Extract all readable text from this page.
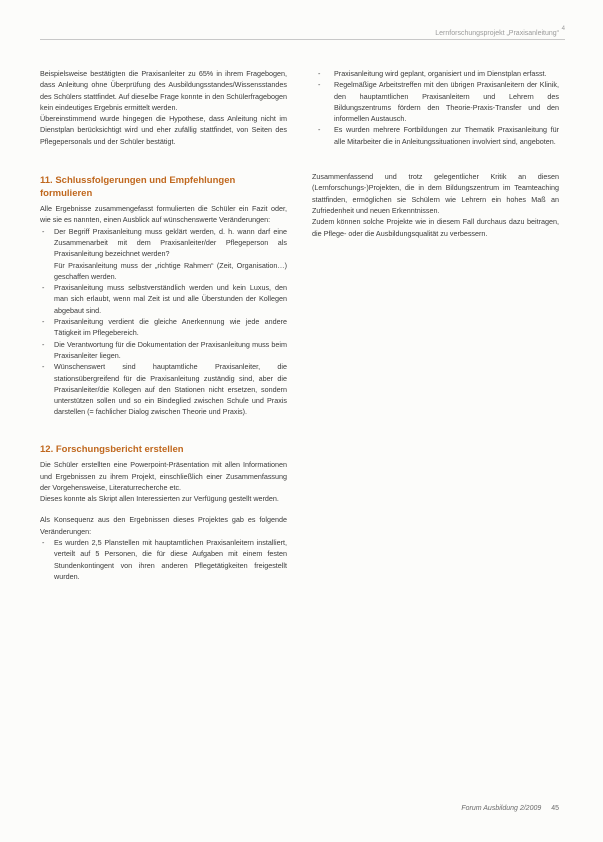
Lernforschungsprojekt „Praxisanleitung“
4

Beispielsweise bestätigten die Praxisanleiter zu 65% in ihrem Fragebogen, dass Anleitung ohne Überprüfung des Ausbildungsstandes/Wissensstandes des Schülers stattfindet. Auf dieselbe Frage konnte in den Schülerfragebogen kein eindeutiges Ergebnis ermittelt werden.

Übereinstimmend wurde hingegen die Hypothese, dass Anleitung nicht im Dienstplan berücksichtigt wird und eher zufällig stattfindet, von Seiten des Pflegepersonals und der Schüler bestätigt.

11. Schlussfolgerungen und Empfehlungen formulieren

Alle Ergebnisse zusammengefasst formulierten die Schüler ein Fazit oder, wie sie es nannten, einen Ausblick auf wünschenswerte Veränderungen:

- Der Begriff Praxisanleitung muss geklärt werden, d. h. wann darf eine Zusammenarbeit mit dem Praxisanleiter/der Pflegeperson als Praxisanleitung bezeichnet werden?
Für Praxisanleitung muss der „richtige Rahmen“ (Zeit, Organisation…) geschaffen werden.
- Praxisanleitung muss selbstverständlich werden und kein Luxus, den man sich erlaubt, wenn mal Zeit ist und alle Überstunden der Kollegen abgebaut sind.
- Praxisanleitung verdient die gleiche Anerkennung wie jede andere Tätigkeit im Pflegebereich.
- Die Verantwortung für die Dokumentation der Praxisanleitung muss beim Praxisanleiter liegen.
- Wünschenswert sind hauptamtliche Praxisanleiter, die stationsübergreifend für die Praxisanleitung zuständig sind, aber die Praxisanleiter/die Kollegen auf den Stationen nicht ersetzen, sondern unterstützen sollen und so ein Bindeglied zwischen Schule und Praxis darstellen (= fachlicher Dialog zwischen Theorie und Praxis).
12. Forschungsbericht erstellen

Die Schüler erstellten eine Powerpoint-Präsentation mit allen Informationen und Ergebnissen zu ihrem Projekt, einschließlich einer Zusammenfassung der Vorgehensweise, Literaturrecherche etc.

Dieses konnte als Skript allen Interessierten zur Verfügung gestellt werden.

Als Konsequenz aus den Ergebnissen dieses Projektes gab es folgende Veränderungen:

- Es wurden 2,5 Planstellen mit hauptamtlichen Praxisanleitern installiert, verteilt auf 5 Personen, die für diese Aufgaben mit einem festen Stundenkontingent von ihren anderen Pflegetätigkeiten freigestellt wurden.
- Praxisanleitung wird geplant, organisiert und im Dienstplan erfasst.
- Regelmäßige Arbeitstreffen mit den übrigen Praxisanleitern der Klinik, den hauptamtlichen Praxisanleitern und Lehrern des Bildungszentrums fördern den Theorie-Praxis-Transfer und den informellen Austausch.
- Es wurden mehrere Fortbildungen zur Thematik Praxisanleitung für alle Mitarbeiter die in Anleitungssituationen involviert sind, angeboten.

Zusammenfassend und trotz gelegentlicher Kritik an diesen (Lernforschungs-)Projekten, die in dem Bildungszentrum im Teamteaching stattfinden, ermöglichen sie Schülern wie Lehrern ein hohes Maß an Zufriedenheit und neuen Erkenntnissen.

Zudem können solche Projekte wie in diesem Fall durchaus dazu beitragen, die Pflege- oder die Ausbildungsqualität zu verbessern.

Forum Ausbildung 2/2009 45
